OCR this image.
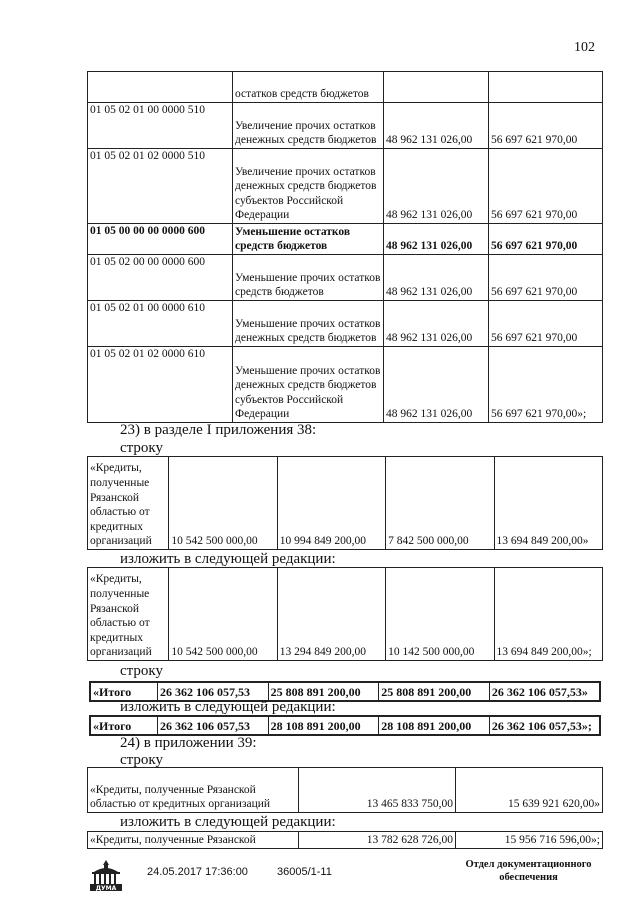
102
	остатков средств бюджетов		
01 05 02 01 00 0000 510	Увеличение прочих остатков денежных средств бюджетов	48 962 131 026,00	56 697 621 970,00
01 05 02 01 02 0000 510	Увеличение прочих остатков денежных средств бюджетов субъектов Российской Федерации	48 962 131 026,00	56 697 621 970,00
01 05 00 00 00 0000 600	Уменьшение остатков средств бюджетов	48 962 131 026,00	56 697 621 970,00
01 05 02 00 00 0000 600	Уменьшение прочих остатков средств бюджетов	48 962 131 026,00	56 697 621 970,00
01 05 02 01 00 0000 610	Уменьшение прочих остатков денежных средств бюджетов	48 962 131 026,00	56 697 621 970,00
01 05 02 01 02 0000 610	Уменьшение прочих остатков денежных средств бюджетов субъектов Российской Федерации	48 962 131 026,00	56 697 621 970,00»;
23) в разделе I приложения 38:
строку
«Кредиты, полученные Рязанской областью от кредитных организаций	10 542 500 000,00	10 994 849 200,00	7 842 500 000,00	13 694 849 200,00»
изложить в следующей редакции:
«Кредиты, полученные Рязанской областью от кредитных организаций	10 542 500 000,00	13 294 849 200,00	10 142 500 000,00	13 694 849 200,00»;
строку
«Итого	26 362 106 057,53	25 808 891 200,00	25 808 891 200,00	26 362 106 057,53»
изложить в следующей редакции:
«Итого	26 362 106 057,53	28 108 891 200,00	28 108 891 200,00	26 362 106 057,53»;
24) в приложении 39:
строку
«Кредиты, полученные Рязанской областью от кредитных организаций	13 465 833 750,00	15 639 921 620,00»
изложить в следующей редакции:
«Кредиты, полученные Рязанской	13 782 628 726,00	15 956 716 596,00»;
ДУМА
24.05.2017 17:36:00	36005/1-11
Отдел документационного обеспечения
